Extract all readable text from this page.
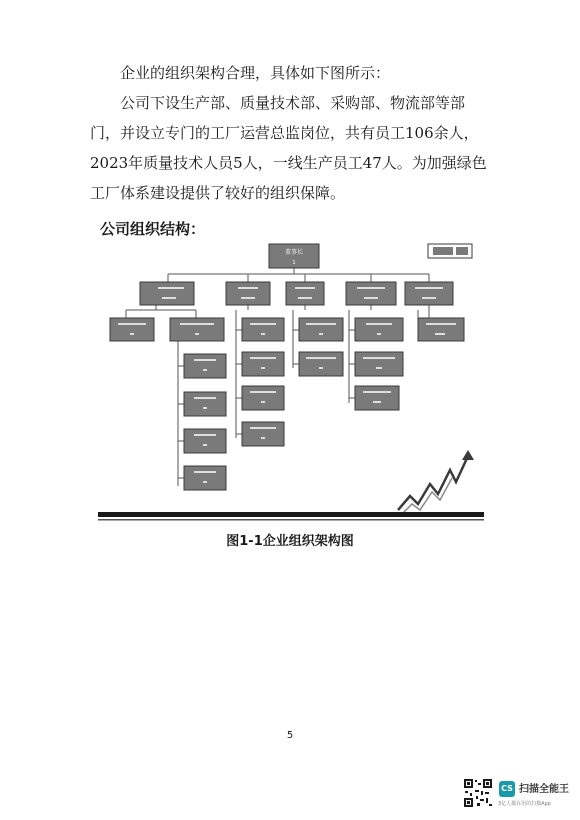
企业的组织架构合理，具体如下图所示：

公司下设生产部、质量技术部、采购部、物流部等部门，并设立专门的工厂运营总监岗位，共有员工106余人，2023年质量技术人员5人，一线生产员工47人。为加强绿色工厂体系建设提供了较好的组织保障。

公司组织结构：

董事长
1

图1-1企业组织架构图

5

CS 扫描全能王
3亿人都在用的扫描App
